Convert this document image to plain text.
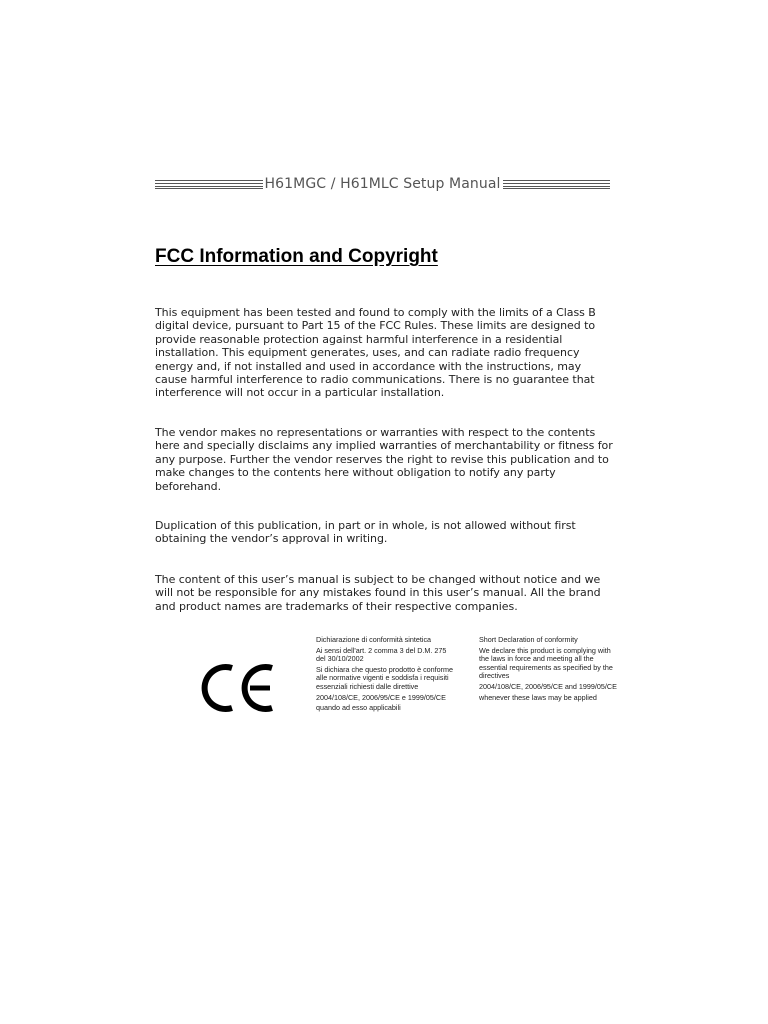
H61MGC / H61MLC Setup Manual
FCC Information and Copyright

This equipment has been tested and found to comply with the limits of a Class B digital device, pursuant to Part 15 of the FCC Rules. These limits are designed to provide reasonable protection against harmful interference in a residential installation. This equipment generates, uses, and can radiate radio frequency energy and, if not installed and used in accordance with the instructions, may cause harmful interference to radio communications. There is no guarantee that interference will not occur in a particular installation.

The vendor makes no representations or warranties with respect to the contents here and specially disclaims any implied warranties of merchantability or fitness for any purpose. Further the vendor reserves the right to revise this publication and to make changes to the contents here without obligation to notify any party beforehand.

Duplication of this publication, in part or in whole, is not allowed without first obtaining the vendor’s approval in writing.

The content of this user’s manual is subject to be changed without notice and we will not be responsible for any mistakes found in this user’s manual. All the brand and product names are trademarks of their respective companies.

Dichiarazione di conformità sintetica

Ai sensi dell'art. 2 comma 3 del D.M. 275 del 30/10/2002

Si dichiara che questo prodotto è conforme alle normative vigenti e soddisfa i requisiti essenziali richiesti dalle direttive

2004/108/CE, 2006/95/CE e 1999/05/CE

quando ad esso applicabili

Short Declaration of conformity

We declare this product is complying with the laws in force and meeting all the essential requirements as specified by the directives

2004/108/CE, 2006/95/CE and 1999/05/CE

whenever these laws may be applied
